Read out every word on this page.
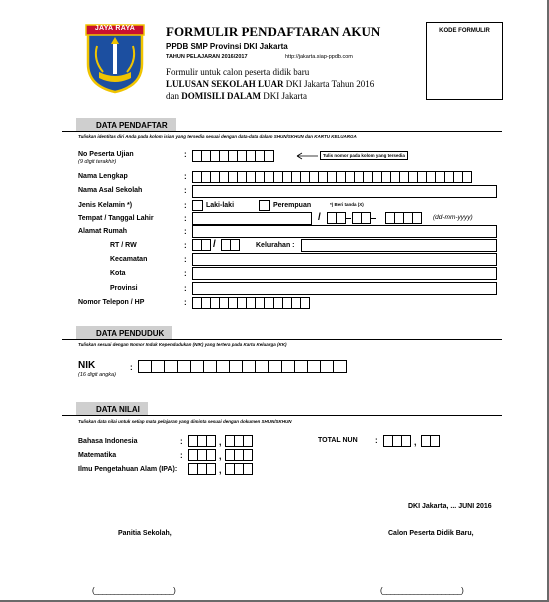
JAYA RAYA	FORMULIR PENDAFTARAN AKUN
PPDB SMP Provinsi DKI Jakarta
TAHUN PELAJARAN 2016/2017	http://jakarta.siap-ppdb.com
Formulir untuk calon peserta didik baru
LULUSAN SEKOLAH LUAR DKI Jakarta Tahun 2016
dan DOMISILI DALAM DKI Jakarta
KODE FORMULIR
DATA PENDAFTAR
Tuliskan identitas diri Anda pada kolom isian yang tersedia sesuai dengan data-data dalam SHUN/SKHUN dan KARTU KELUARGA
No Peserta Ujian
(9 digit terakhir)
:	Tulis nomor pada kolom yang tersedia
Nama Lengkap	:
Nama Asal Sekolah	:
Jenis Kelamin *)	:	Laki-laki	Perempuan	*) Beri tanda (X)
Tempat / Tanggal Lahir	:	/	(dd-mm-yyyy)
Alamat Rumah	:
RT / RW	:	/	Kelurahan :
Kecamatan	:
Kota	:
Provinsi	:
Nomor Telepon / HP	:
DATA PENDUDUK
Tuliskan sesuai dengan Nomor Induk Kependudukan (NIK) yang tertera pada Kartu Keluarga (KK)
NIK
(16 digit angka)
:
DATA NILAI
Tuliskan data nilai untuk setiap mata pelajaran yang diminta sesuai dengan dokumen SHUN/SKHUN
Bahasa Indonesia	:	,
Matematika	:	,
Ilmu Pengetahuan Alam (IPA):	,
TOTAL NUN :	,
DKI Jakarta, ... JUNI 2016
Panitia Sekolah,	Calon Peserta Didik Baru,
(____________________)	(____________________)
